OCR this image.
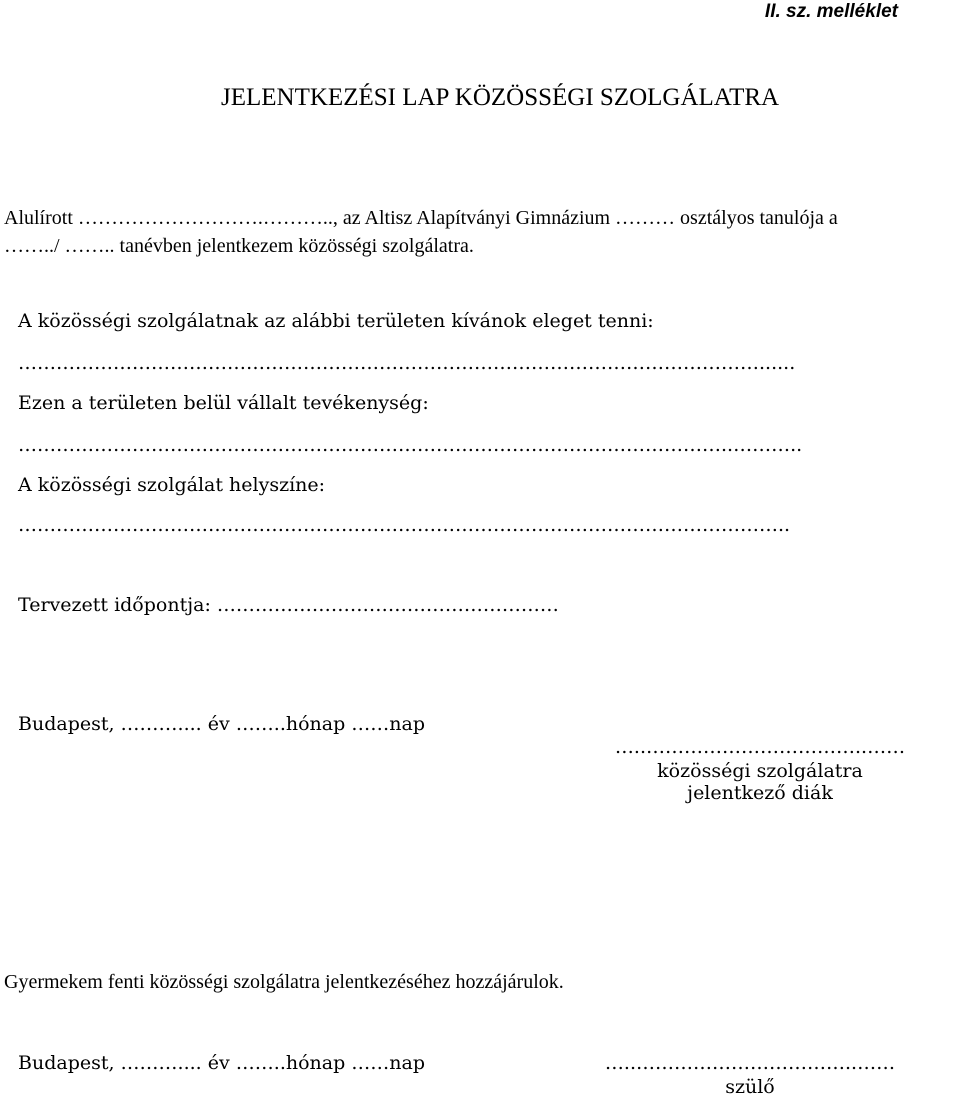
II. sz. melléklet
JELENTKEZÉSI LAP KÖZÖSSÉGI SZOLGÁLATRA
Alulírott ……………………….……….., az Altisz Alapítványi Gimnázium ……… osztályos tanulója a
……../ …….. tanévben jelentkezem közösségi szolgálatra.
A közösségi szolgálatnak az alábbi területen kívánok eleget tenni:
………………………………………………………………………………………………………......
Ezen a területen belül vállalt tevékenység:
…………………………………………………………………………………………………..………..
A közösségi szolgálat helyszíne:
…………………………………………………………………………………………………………..
Tervezett időpontja: ………………………………………………
Budapest, ……….... év ……..hónap ……nap
…..……………………………..……
közösségi szolgálatra
jelentkező diák
Gyermekem fenti közösségi szolgálatra jelentkezéséhez hozzájárulok.
Budapest, ……….... év ……..hónap ……nap	…..……………………………..……
szülő
